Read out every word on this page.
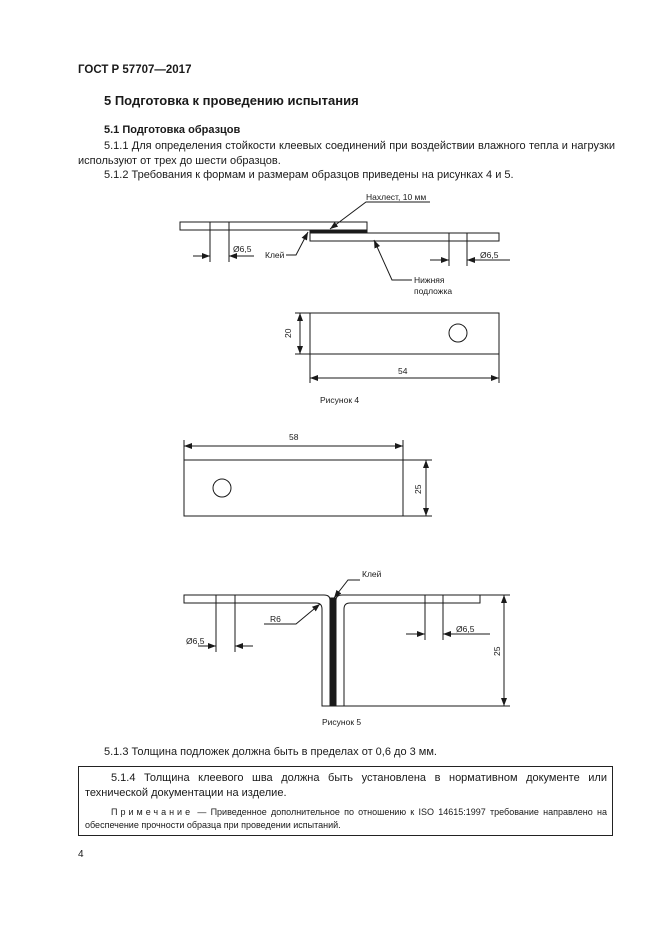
ГОСТ Р 57707—2017
5 Подготовка к проведению испытания
5.1 Подготовка образцов
5.1.1 Для определения стойкости клеевых соединений при воздействии влажного тепла и нагрузки используют от трех до шести образцов.
5.1.2 Требования к формам и размерам образцов приведены на рисунках 4 и 5.
Нахлест, 10 мм
Ø6,5
Ø6,5
Клей
Нижняя
подложка
20
54
Рисунок 4
58
25
Клей
R6
Ø6,5
Ø6,5
25
Рисунок 5
5.1.3 Толщина подложек должна быть в пределах от 0,6 до 3 мм.
5.1.4 Толщина клеевого шва должна быть установлена в нормативном документе или технической документации на изделие.
Примечание — Приведенное дополнительное по отношению к ISO 14615:1997 требование направлено на обеспечение прочности образца при проведении испытаний.
4
